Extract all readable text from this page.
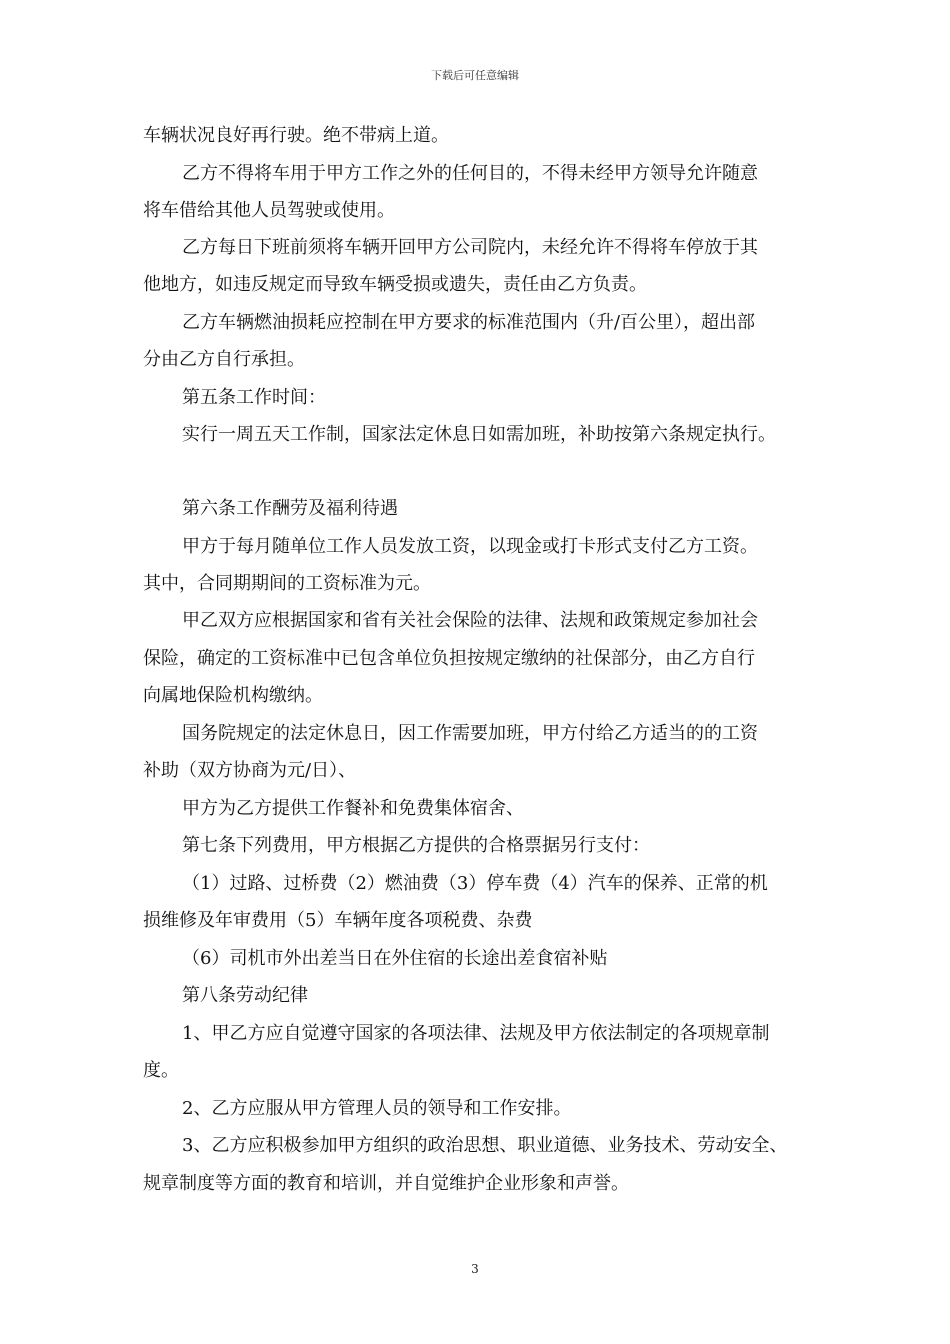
下载后可任意编辑
车辆状况良好再行驶。绝不带病上道。
乙方不得将车用于甲方工作之外的任何目的，不得未经甲方领导允许随意
将车借给其他人员驾驶或使用。
乙方每日下班前须将车辆开回甲方公司院内，未经允许不得将车停放于其
他地方，如违反规定而导致车辆受损或遗失，责任由乙方负责。
乙方车辆燃油损耗应控制在甲方要求的标准范围内（升/百公里），超出部
分由乙方自行承担。
第五条工作时间：
实行一周五天工作制，国家法定休息日如需加班，补助按第六条规定执行。
第六条工作酬劳及福利待遇
甲方于每月随单位工作人员发放工资，以现金或打卡形式支付乙方工资。
其中，合同期期间的工资标准为元。
甲乙双方应根据国家和省有关社会保险的法律、法规和政策规定参加社会
保险，确定的工资标准中已包含单位负担按规定缴纳的社保部分，由乙方自行
向属地保险机构缴纳。
国务院规定的法定休息日，因工作需要加班，甲方付给乙方适当的的工资
补助（双方协商为元/日）、
甲方为乙方提供工作餐补和免费集体宿舍、
第七条下列费用，甲方根据乙方提供的合格票据另行支付：
（1）过路、过桥费（2）燃油费（3）停车费（4）汽车的保养、正常的机
损维修及年审费用（5）车辆年度各项税费、杂费
（6）司机市外出差当日在外住宿的长途出差食宿补贴
第八条劳动纪律
1、甲乙方应自觉遵守国家的各项法律、法规及甲方依法制定的各项规章制
度。
2、乙方应服从甲方管理人员的领导和工作安排。
3、乙方应积极参加甲方组织的政治思想、职业道德、业务技术、劳动安全、
规章制度等方面的教育和培训，并自觉维护企业形象和声誉。
3
